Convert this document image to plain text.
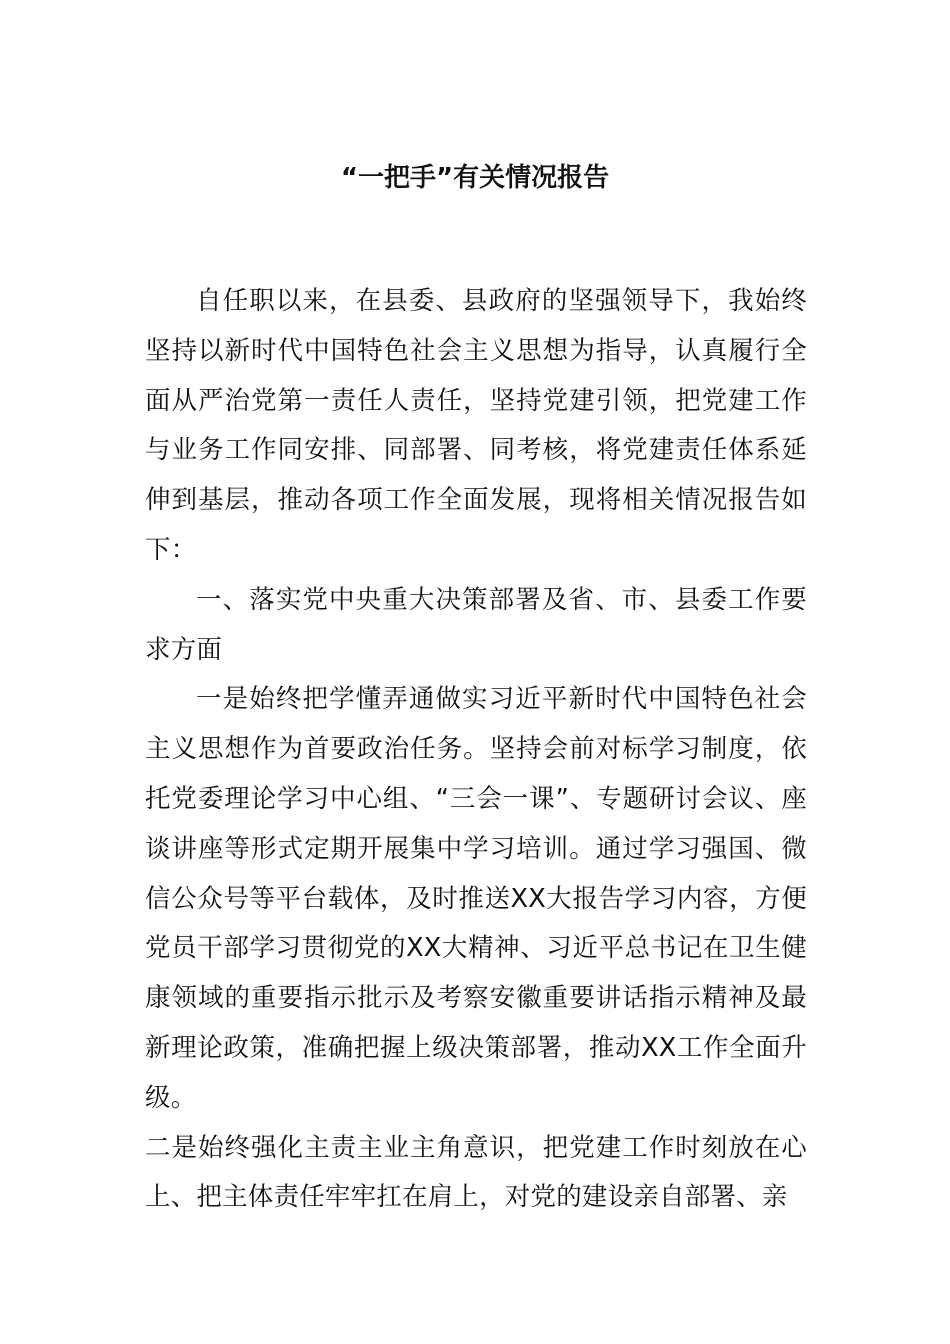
“一把手”有关情况报告

自任职以来，在县委、县政府的坚强领导下，我始终坚持以新时代中国特色社会主义思想为指导，认真履行全面从严治党第一责任人责任，坚持党建引领，把党建工作与业务工作同安排、同部署、同考核，将党建责任体系延伸到基层，推动各项工作全面发展，现将相关情况报告如下：

一、落实党中央重大决策部署及省、市、县委工作要求方面

一是始终把学懂弄通做实习近平新时代中国特色社会主义思想作为首要政治任务。坚持会前对标学习制度，依托党委理论学习中心组、“三会一课”、专题研讨会议、座谈讲座等形式定期开展集中学习培训。通过学习强国、微信公众号等平台载体，及时推送XX大报告学习内容，方便党员干部学习贯彻党的XX大精神、习近平总书记在卫生健康领域的重要指示批示及考察安徽重要讲话指示精神及最新理论政策，准确把握上级决策部署，推动XX工作全面升级。

二是始终强化主责主业主角意识，把党建工作时刻放在心上、把主体责任牢牢扛在肩上，对党的建设亲自部署、亲
